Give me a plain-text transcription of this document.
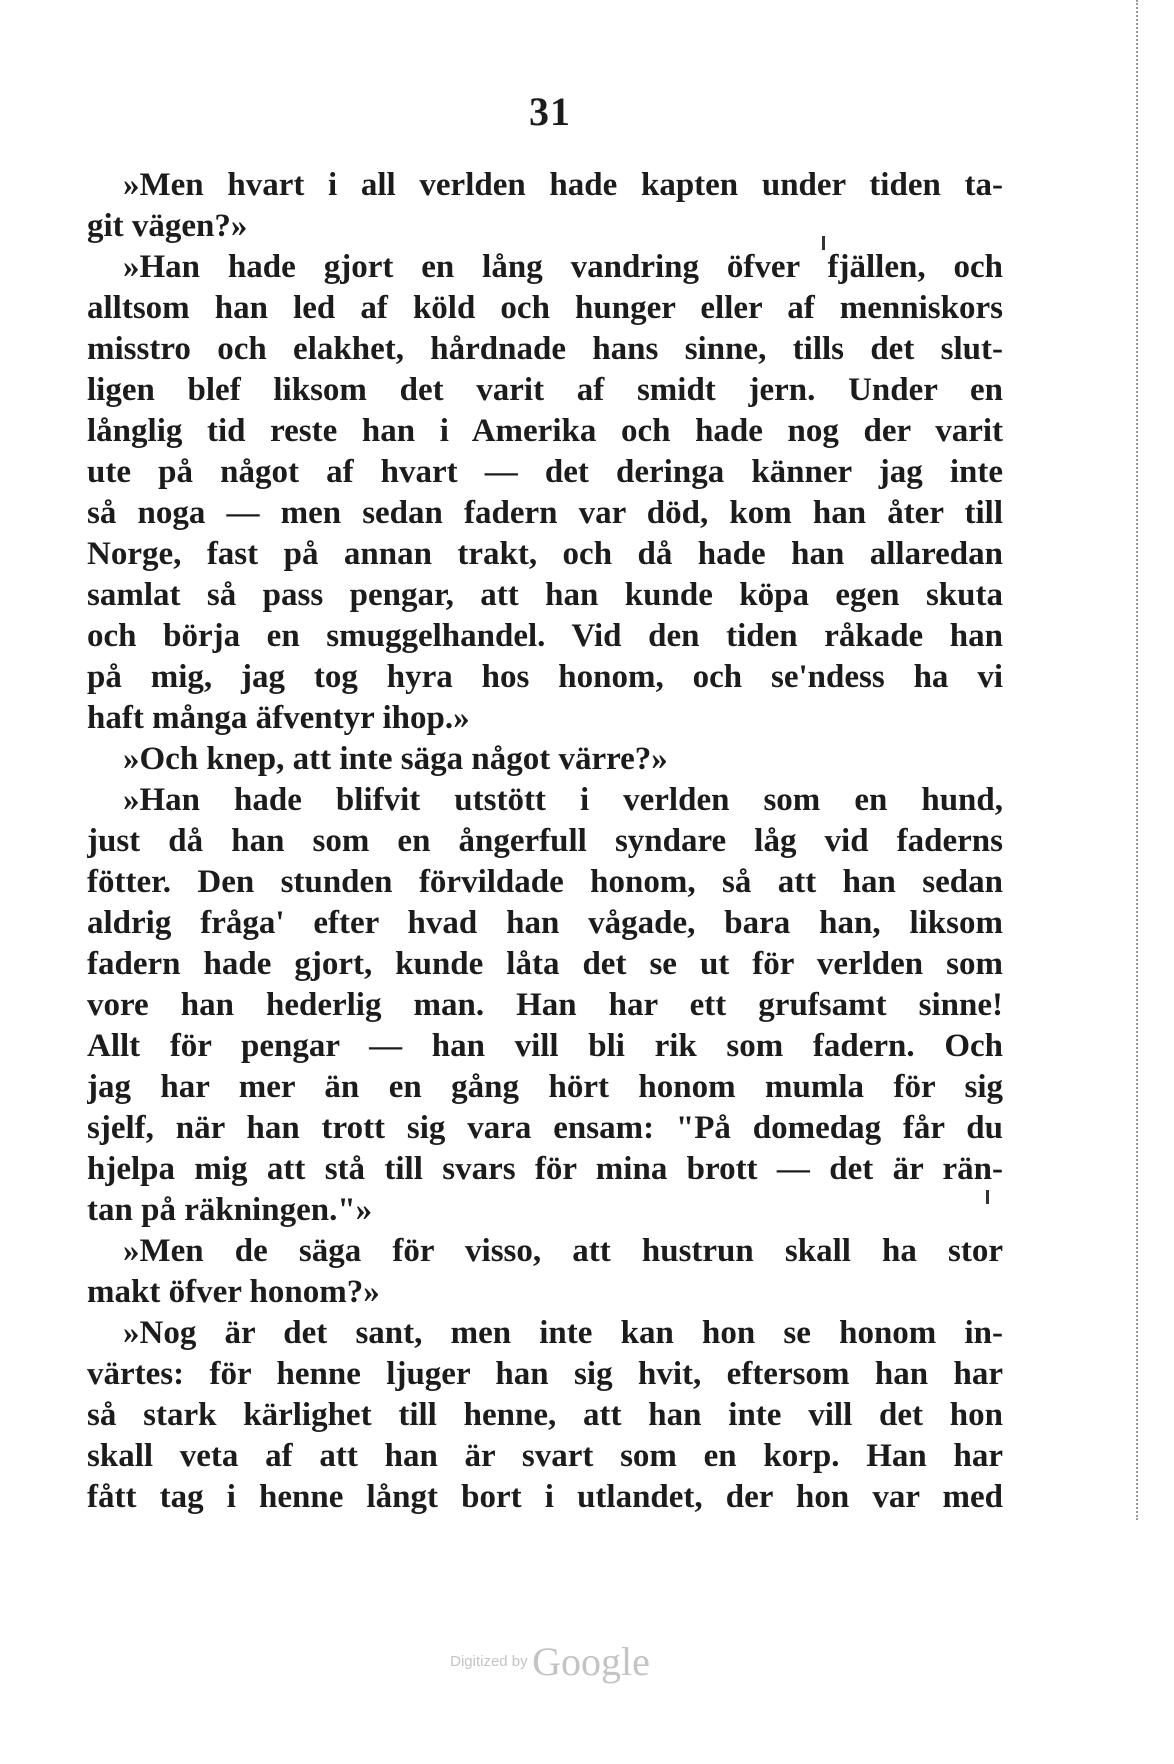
31
»Men hvart i all verlden hade kapten under tiden ta-
git vägen?»
»Han hade gjort en lång vandring öfver fjällen, och
alltsom han led af köld och hunger eller af menniskors
misstro och elakhet, hårdnade hans sinne, tills det slut-
ligen blef liksom det varit af smidt jern. Under en
långlig tid reste han i Amerika och hade nog der varit
ute på något af hvart — det deringa känner jag inte
så noga — men sedan fadern var död, kom han åter till
Norge, fast på annan trakt, och då hade han allaredan
samlat så pass pengar, att han kunde köpa egen skuta
och börja en smuggelhandel. Vid den tiden råkade han
på mig, jag tog hyra hos honom, och se'ndess ha vi
haft många äfventyr ihop.»
»Och knep, att inte säga något värre?»
»Han hade blifvit utstött i verlden som en hund,
just då han som en ångerfull syndare låg vid faderns
fötter. Den stunden förvildade honom, så att han sedan
aldrig fråga' efter hvad han vågade, bara han, liksom
fadern hade gjort, kunde låta det se ut för verlden som
vore han hederlig man. Han har ett grufsamt sinne!
Allt för pengar — han vill bli rik som fadern. Och
jag har mer än en gång hört honom mumla för sig
sjelf, när han trott sig vara ensam: "På domedag får du
hjelpa mig att stå till svars för mina brott — det är rän-
tan på räkningen."»
»Men de säga för visso, att hustrun skall ha stor
makt öfver honom?»
»Nog är det sant, men inte kan hon se honom in-
värtes: för henne ljuger han sig hvit, eftersom han har
så stark kärlighet till henne, att han inte vill det hon
skall veta af att han är svart som en korp. Han har
fått tag i henne långt bort i utlandet, der hon var med
Digitized by Google
